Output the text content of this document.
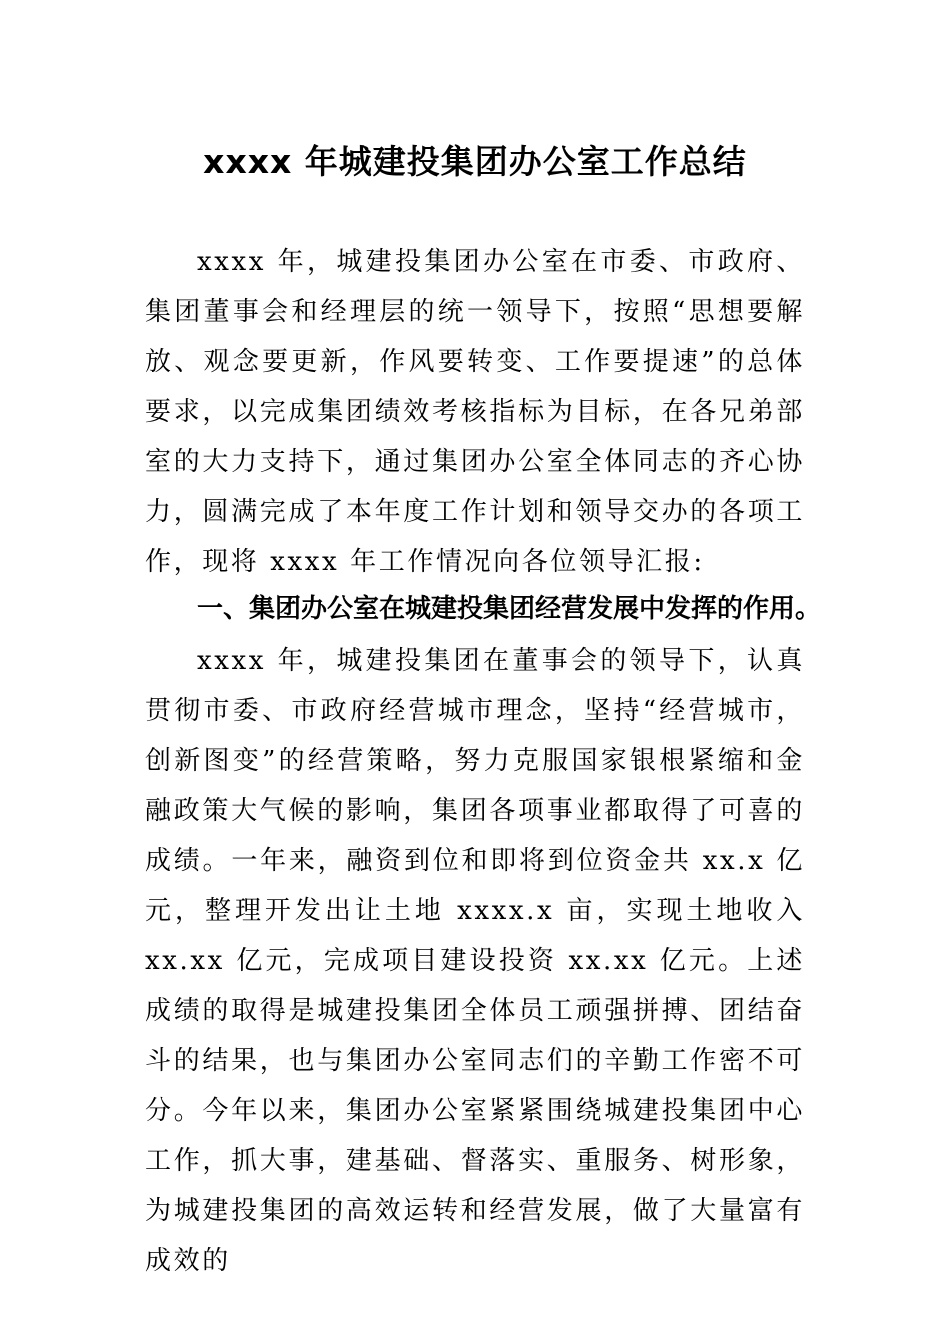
xxxx 年城建投集团办公室工作总结

xxxx 年，城建投集团办公室在市委、市政府、集团董事会和经理层的统一领导下，按照“思想要解放、观念要更新，作风要转变、工作要提速”的总体要求，以完成集团绩效考核指标为目标，在各兄弟部室的大力支持下，通过集团办公室全体同志的齐心协力，圆满完成了本年度工作计划和领导交办的各项工作，现将 xxxx 年工作情况向各位领导汇报:

一、集团办公室在城建投集团经营发展中发挥的作用。

xxxx 年，城建投集团在董事会的领导下，认真贯彻市委、市政府经营城市理念，坚持“经营城市，创新图变”的经营策略，努力克服国家银根紧缩和金融政策大气候的影响，集团各项事业都取得了可喜的成绩。一年来，融资到位和即将到位资金共 xx.x 亿元，整理开发出让土地 xxxx.x 亩，实现土地收入 xx.xx 亿元，完成项目建设投资 xx.xx 亿元。上述成绩的取得是城建投集团全体员工顽强拼搏、团结奋斗的结果，也与集团办公室同志们的辛勤工作密不可分。今年以来，集团办公室紧紧围绕城建投集团中心工作，抓大事，建基础、督落实、重服务、树形象，为城建投集团的高效运转和经营发展，做了大量富有成效的
